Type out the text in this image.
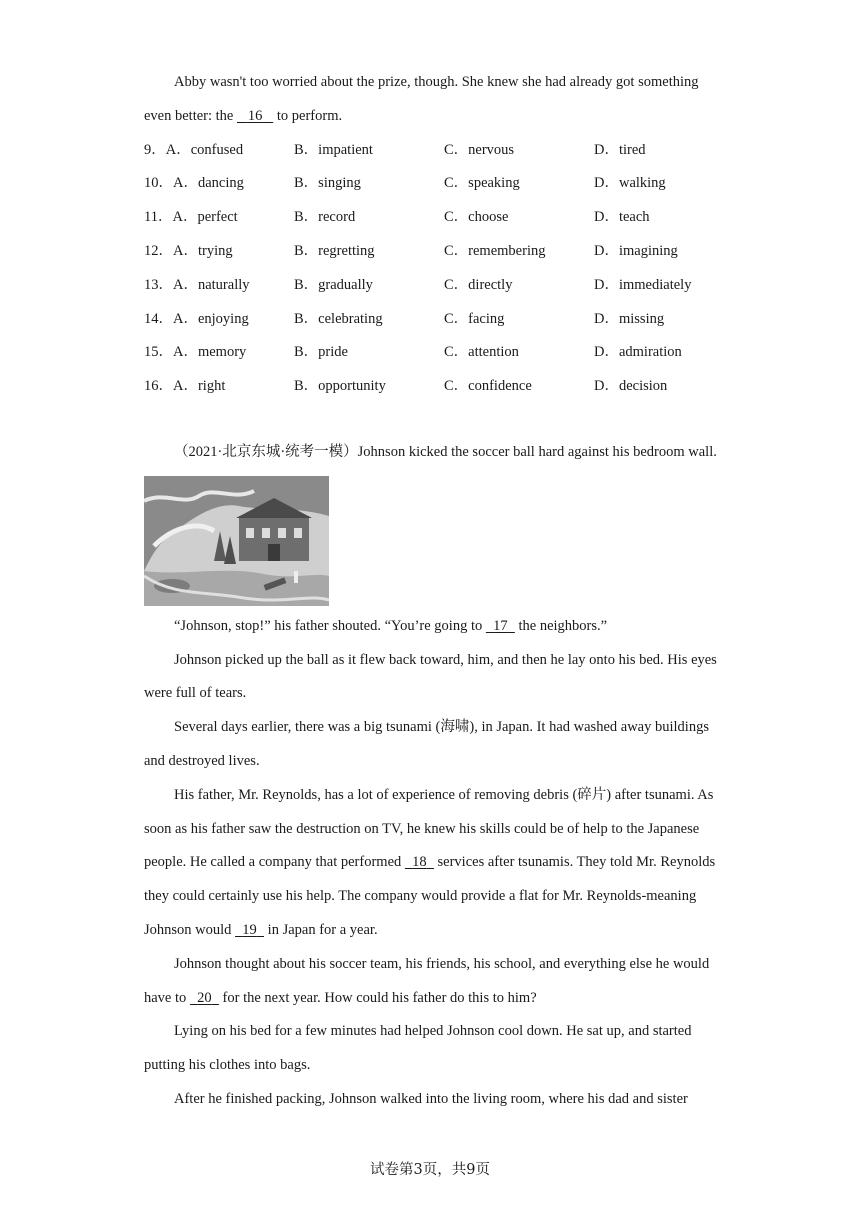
Abby wasn't too worried about the prize, though. She knew she had already got something even better: the    16    to perform.

9．A．confused	B．impatient	C．nervous	D．tired
10．A．dancing	B．singing	C．speaking	D．walking
11．A．perfect	B．record	C．choose	D．teach
12．A．trying	B．regretting	C．remembering	D．imagining
13．A．naturally	B．gradually	C．directly	D．immediately
14．A．enjoying	B．celebrating	C．facing	D．missing
15．A．memory	B．pride	C．attention	D．admiration
16．A．right	B．opportunity	C．confidence	D．decision

（2021·北京东城·统考一模）Johnson kicked the soccer ball hard against his bedroom wall.

“Johnson, stop!” his father shouted. “You’re going to   17   the neighbors.”

Johnson picked up the ball as it flew back toward, him, and then he lay onto his bed. His eyes were full of tears.

Several days earlier, there was a big tsunami (海啸), in Japan. It had washed away buildings and destroyed lives.

His father, Mr. Reynolds, has a lot of experience of removing debris (碎片) after tsunami. As soon as his father saw the destruction on TV, he knew his skills could be of help to the Japanese people. He called a company that performed   18   services after tsunamis. They told Mr. Reynolds they could certainly use his help. The company would provide a flat for Mr. Reynolds-meaning Johnson would   19   in Japan for a year.

Johnson thought about his soccer team, his friends, his school, and everything else he would have to   20   for the next year. How could his father do this to him?

Lying on his bed for a few minutes had helped Johnson cool down. He sat up, and started putting his clothes into bags.

After he finished packing, Johnson walked into the living room, where his dad and sister

试卷第3页，共9页
